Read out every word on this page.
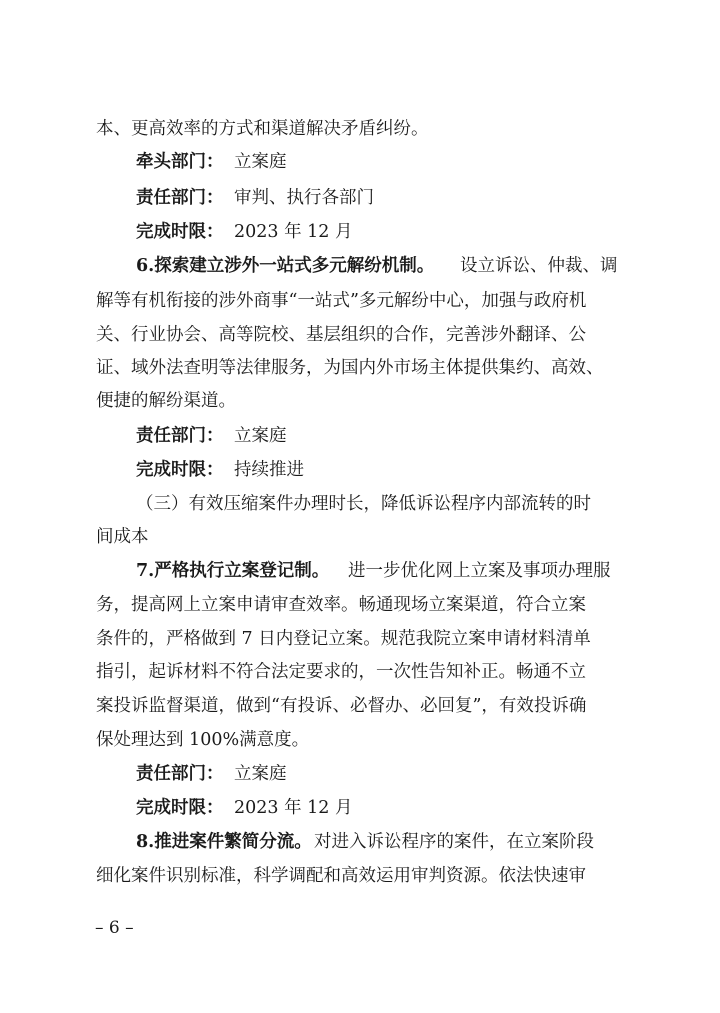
本、更高效率的方式和渠道解决矛盾纠纷。
牵头部门： 立案庭
责任部门： 审判、执行各部门
完成时限： 2023 年 12 月
6.探索建立涉外一站式多元解纷机制。 设立诉讼、仲裁、调
解等有机衔接的涉外商事“一站式”多元解纷中心，加强与政府机
关、行业协会、高等院校、基层组织的合作，完善涉外翻译、公
证、域外法查明等法律服务，为国内外市场主体提供集约、高效、
便捷的解纷渠道。
责任部门： 立案庭
完成时限： 持续推进
（三）有效压缩案件办理时长，降低诉讼程序内部流转的时
间成本
7.严格执行立案登记制。 进一步优化网上立案及事项办理服
务，提高网上立案申请审查效率。畅通现场立案渠道，符合立案
条件的，严格做到 7 日内登记立案。规范我院立案申请材料清单
指引，起诉材料不符合法定要求的，一次性告知补正。畅通不立
案投诉监督渠道，做到“有投诉、必督办、必回复”，有效投诉确
保处理达到 100%满意度。
责任部门： 立案庭
完成时限： 2023 年 12 月
8.推进案件繁简分流。 对进入诉讼程序的案件，在立案阶段
细化案件识别标准，科学调配和高效运用审判资源。依法快速审
– 6 –
